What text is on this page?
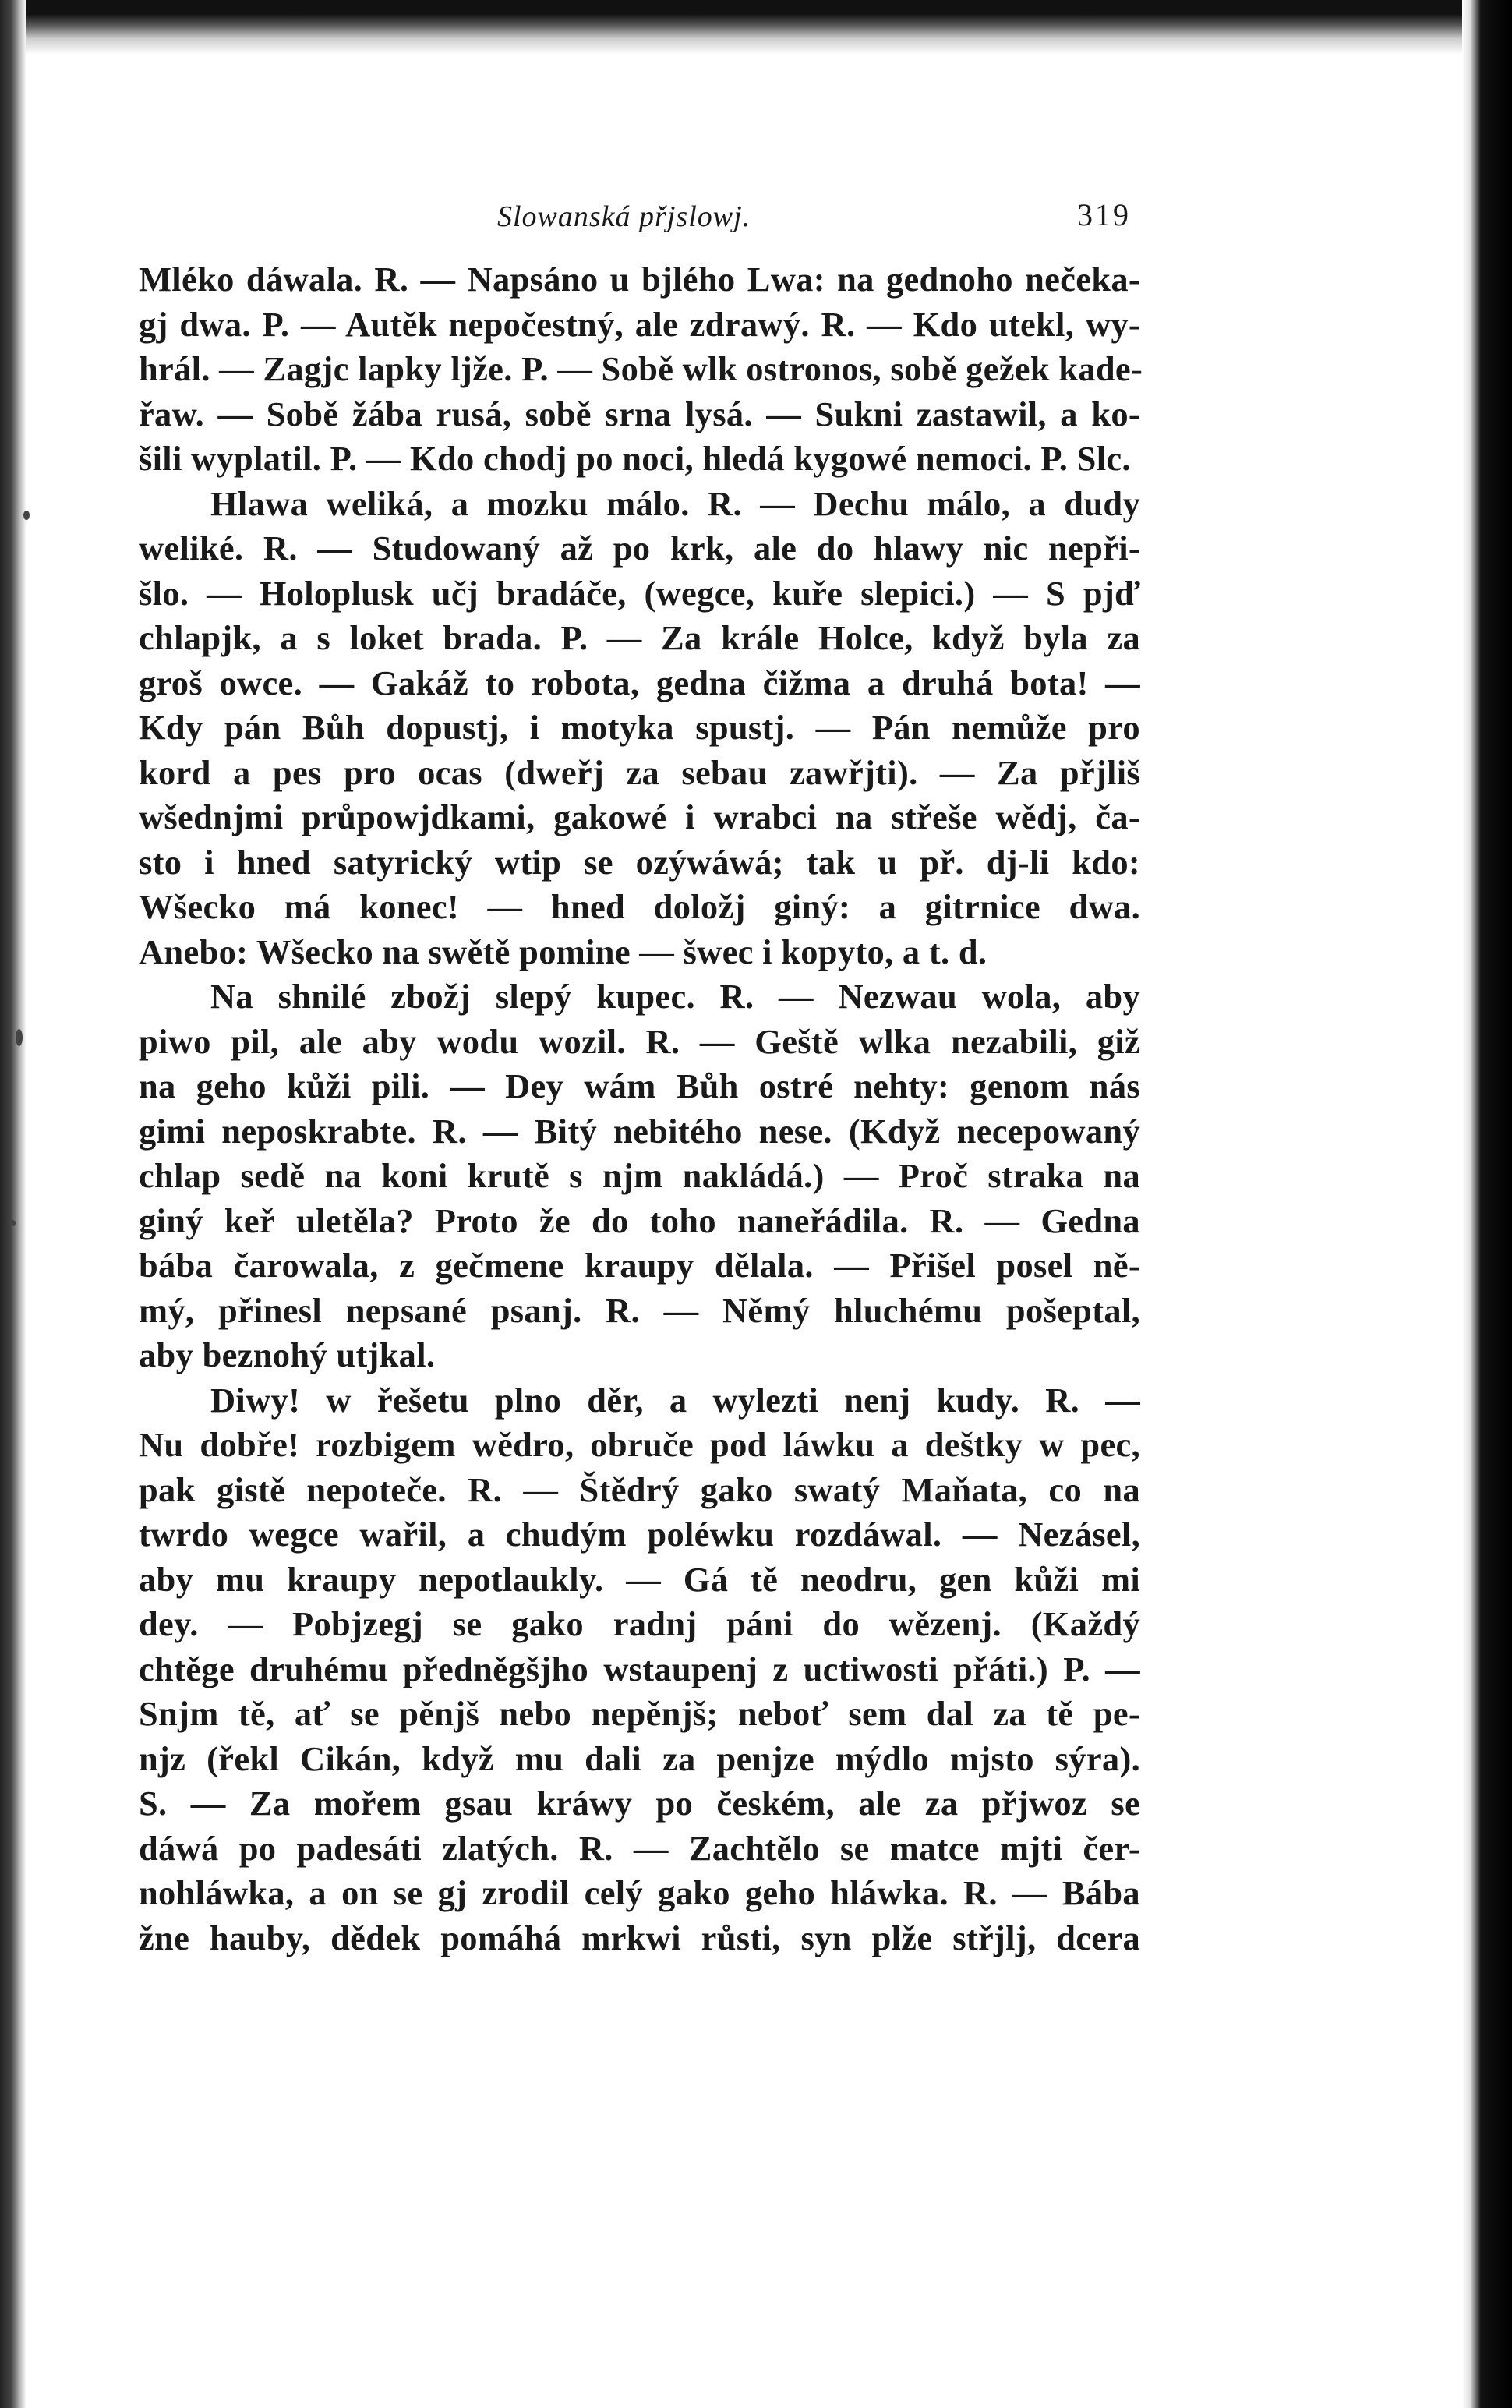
Slowanská přjslowj.	319

Mléko dáwala. R. — Napsáno u bjlého Lwa: na gednoho nečeka-
gj dwa. P. — Autěk nepočestný, ale zdrawý. R. — Kdo utekl, wy-
hrál. — Zagjc lapky ljže. P. — Sobě wlk ostronos, sobě gežek kade-
řaw. — Sobě žába rusá, sobě srna lysá. — Sukni zastawil, a ko-
šili wyplatil. P. — Kdo chodj po noci, hledá kygowé nemoci. P. Slc.

Hlawa weliká, a mozku málo. R. — Dechu málo, a dudy
weliké. R. — Studowaný až po krk, ale do hlawy nic nepři-
šlo. — Holoplusk učj bradáče, (wegce, kuře slepici.) — S pjď
chlapjk, a s loket brada. P. — Za krále Holce, když byla za
groš owce. — Gakáž to robota, gedna čižma a druhá bota! —
Kdy pán Bůh dopustj, i motyka spustj. — Pán nemůže pro
kord a pes pro ocas (dweřj za sebau zawřjti). — Za přjliš
wšednjmi průpowjdkami, gakowé i wrabci na střeše wědj, ča-
sto i hned satyrický wtip se ozýwáwá; tak u př. dj-li kdo:
Wšecko má konec! — hned doložj giný: a gitrnice dwa.
Anebo: Wšecko na swětě pomine — šwec i kopyto, a t. d.

Na shnilé zbožj slepý kupec. R. — Nezwau wola, aby
piwo pil, ale aby wodu wozil. R. — Geště wlka nezabili, giž
na geho kůži pili. — Dey wám Bůh ostré nehty: genom nás
gimi neposkrabte. R. — Bitý nebitého nese. (Když necepowaný
chlap sedě na koni krutě s njm nakládá.) — Proč straka na
giný keř uletěla? Proto že do toho naneřádila. R. — Gedna
bába čarowala, z gečmene kraupy dělala. — Přišel posel ně-
mý, přinesl nepsané psanj. R. — Němý hluchému pošeptal,
aby beznohý utjkal.

Diwy! w řešetu plno děr, a wylezti nenj kudy. R. —
Nu dobře! rozbigem wědro, obruče pod láwku a deštky w pec,
pak gistě nepoteče. R. — Štědrý gako swatý Maňata, co na
twrdo wegce wařil, a chudým poléwku rozdáwal. — Nezásel,
aby mu kraupy nepotlaukly. — Gá tě neodru, gen kůži mi
dey. — Pobjzegj se gako radnj páni do wězenj. (Každý
chtěge druhému předněgšjho wstaupenj z uctiwosti přáti.) P. —
Snjm tě, ať se pěnjš nebo nepěnjš; neboť sem dal za tě pe-
njz (řekl Cikán, když mu dali za penjze mýdlo mjsto sýra).
S. — Za mořem gsau kráwy po českém, ale za přjwoz se
dáwá po padesáti zlatých. R. — Zachtělo se matce mjti čer-
nohláwka, a on se gj zrodil celý gako geho hláwka. R. — Bába
žne hauby, dědek pomáhá mrkwi růsti, syn plže střjlj, dcera
